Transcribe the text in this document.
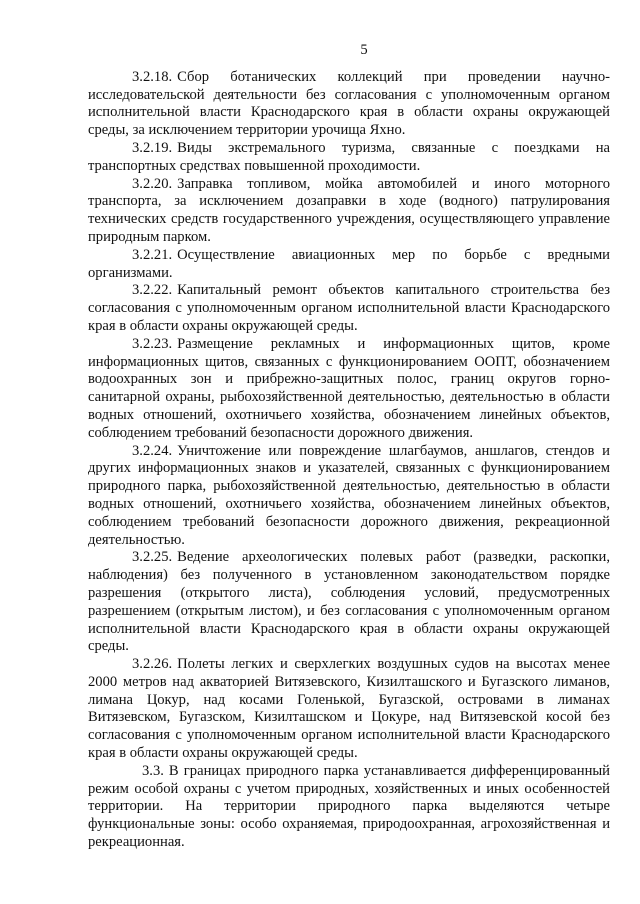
5

3.2.18. Сбор ботанических коллекций при проведении научно-исследовательской деятельности без согласования с уполномоченным органом исполнительной власти Краснодарского края в области охраны окружающей среды, за исключением территории урочища Яхно.

3.2.19. Виды экстремального туризма, связанные с поездками на транспортных средствах повышенной проходимости.

3.2.20. Заправка топливом, мойка автомобилей и иного моторного транспорта, за исключением дозаправки в ходе (водного) патрулирования технических средств государственного учреждения, осуществляющего управление природным парком.

3.2.21. Осуществление авиационных мер по борьбе с вредными организмами.

3.2.22. Капитальный ремонт объектов капитального строительства без согласования с уполномоченным органом исполнительной власти Краснодарского края в области охраны окружающей среды.

3.2.23. Размещение рекламных и информационных щитов, кроме информационных щитов, связанных с функционированием ООПТ, обозначением водоохранных зон и прибрежно-защитных полос, границ округов горно-санитарной охраны, рыбохозяйственной деятельностью, деятельностью в области водных отношений, охотничьего хозяйства, обозначением линейных объектов, соблюдением требований безопасности дорожного движения.

3.2.24. Уничтожение или повреждение шлагбаумов, аншлагов, стендов и других информационных знаков и указателей, связанных с функционированием природного парка, рыбохозяйственной деятельностью, деятельностью в области водных отношений, охотничьего хозяйства, обозначением линейных объектов, соблюдением требований безопасности дорожного движения, рекреационной деятельностью.

3.2.25. Ведение археологических полевых работ (разведки, раскопки, наблюдения) без полученного в установленном законодательством порядке разрешения (открытого листа), соблюдения условий, предусмотренных разрешением (открытым листом), и без согласования с уполномоченным органом исполнительной власти Краснодарского края в области охраны окружающей среды.

3.2.26. Полеты легких и сверхлегких воздушных судов на высотах менее 2000 метров над акваторией Витязевского, Кизилташского и Бугазского лиманов, лимана Цокур, над косами Голенькой, Бугазской, островами в лиманах Витязевском, Бугазском, Кизилташском и Цокуре, над Витязевской косой без согласования с уполномоченным органом исполнительной власти Краснодарского края в области охраны окружающей среды.

3.3. В границах природного парка устанавливается дифференцированный режим особой охраны с учетом природных, хозяйственных и иных особенностей территории. На территории природного парка выделяются четыре функциональные зоны: особо охраняемая, природоохранная, агрохозяйственная и рекреационная.
